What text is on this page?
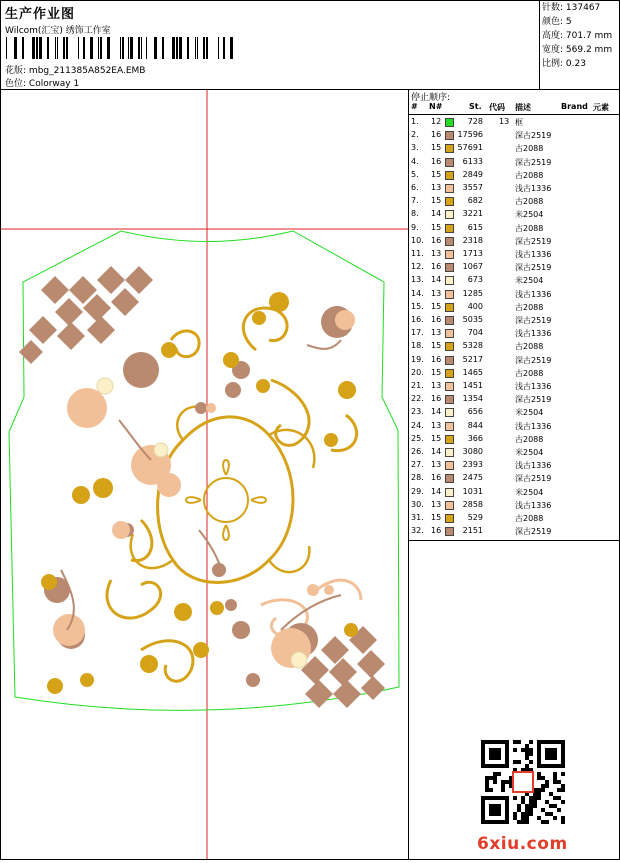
生产作业图
Wilcom(汇宝) 绣饰工作室
花版: mbg_211385A852EA.EMB
色位: Colorway 1
针数: 137467
颜色: 5
高度: 701.7 mm
宽度: 569.2 mm
比例: 0.23
停止顺序:
# N#	St. 代码 描述	Brand 元素
1. 12	728 13 框
2. 16 17596	深古2519
3. 15 57691	古2088
4. 16	6133	深古2519
5. 15	2849	古2088
6. 13	3557	浅古1336
7. 15	682	古2088
8. 14	3221	米2504
9. 15	615	古2088
10. 16	2318	深古2519
11. 13	1713	浅古1336
12. 16	1067	深古2519
13. 14	673	米2504
14. 13	1285	浅古1336
15. 15	400	古2088
16. 16	5035	深古2519
17. 13	704	浅古1336
18. 15	5328	古2088
19. 16	5217	深古2519
20. 15	1465	古2088
21. 13	1451	浅古1336
22. 16	1354	深古2519
23. 14	656	米2504
24. 13	844	浅古1336
25. 15	366	古2088
26. 14	3080	米2504
27. 13	2393	浅古1336
28. 16	2475	深古2519
29. 14	1031	米2504
30. 13	2858	浅古1336
31. 15	529	古2088
32. 16	2151	深古2519
6xiu.com
